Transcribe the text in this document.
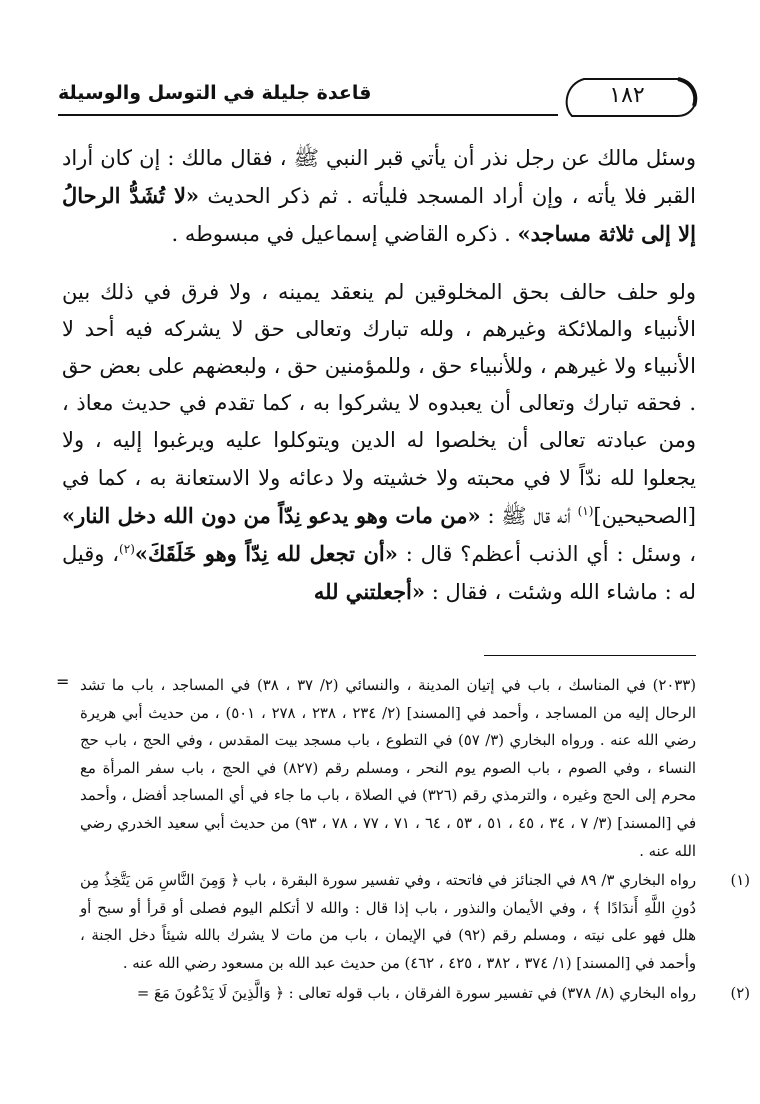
قاعدة جليلة في التوسل والوسيلة	١٨٢

وسئل مالك عن رجل نذر أن يأتي قبر النبي ﷺ ، فقال مالك : إن كان أراد القبر فلا يأته ، وإن أراد المسجد فليأته . ثم ذكر الحديث «لا تُشَدُّ الرحالُ إلا إلى ثلاثة مساجد» . ذكره القاضي إسماعيل في مبسوطه .

ولو حلف حالف بحق المخلوقين لم ينعقد يمينه ، ولا فرق في ذلك بين الأنبياء والملائكة وغيرهم ، ولله تبارك وتعالى حق لا يشركه فيه أحد لا الأنبياء ولا غيرهم ، وللأنبياء حق ، وللمؤمنين حق ، ولبعضهم على بعض حق . فحقه تبارك وتعالى أن يعبدوه لا يشركوا به ، كما تقدم في حديث معاذ ، ومن عبادته تعالى أن يخلصوا له الدين ويتوكلوا عليه ويرغبوا إليه ، ولا يجعلوا لله ندّاً لا في محبته ولا خشيته ولا دعائه ولا الاستعانة به ، كما في [الصحيحين]$^{(١)}$ أنه قال ﷺ : «من مات وهو يدعو نِدّاً من دون الله دخل النار» ، وسئل : أي الذنب أعظم؟ قال : «أن تجعل لله نِدّاً وهو خَلَقَكَ»$^{(٢)}$، وقيل له : ماشاء الله وشئت ، فقال : «أجعلتني لله

= (٢٠٣٣) في المناسك ، باب في إتيان المدينة ، والنسائي (٢/ ٣٧ ، ٣٨) في المساجد ، باب ما تشد الرحال إليه من المساجد ، وأحمد في [المسند] (٢/ ٢٣٤ ، ٢٣٨ ، ٢٧٨ ، ٥٠١) ، من حديث أبي هريرة رضي الله عنه . ورواه البخاري (٣/ ٥٧) في التطوع ، باب مسجد بيت المقدس ، وفي الحج ، باب حج النساء ، وفي الصوم ، باب الصوم يوم النحر ، ومسلم رقم (٨٢٧) في الحج ، باب سفر المرأة مع محرم إلى الحج وغيره ، والترمذي رقم (٣٢٦) في الصلاة ، باب ما جاء في أي المساجد أفضل ، وأحمد في [المسند] (٣/ ٧ ، ٣٤ ، ٤٥ ، ٥١ ، ٥٣ ، ٦٤ ، ٧١ ، ٧٧ ، ٧٨ ، ٩٣) من حديث أبي سعيد الخدري رضي الله عنه .

(١)

رواه البخاري ٣/ ٨٩ في الجنائز في فاتحته ، وفي تفسير سورة البقرة ، باب ﴿ وَمِنَ النَّاسِ مَن يَتَّخِذُ مِن دُونِ اللَّهِ أَندَادًا ﴾ ، وفي الأيمان والنذور ، باب إذا قال : والله لا أتكلم اليوم فصلى أو قرأ أو سبح أو هلل فهو على نيته ، ومسلم رقم (٩٢) في الإيمان ، باب من مات لا يشرك بالله شيئاً دخل الجنة ، وأحمد في [المسند] (١/ ٣٧٤ ، ٣٨٢ ، ٤٢٥ ، ٤٦٢) من حديث عبد الله بن مسعود رضي الله عنه .

(٢)

رواه البخاري (٨/ ٣٧٨) في تفسير سورة الفرقان ، باب قوله تعالى : ﴿ وَالَّذِينَ لَا يَدْعُونَ مَعَ =
